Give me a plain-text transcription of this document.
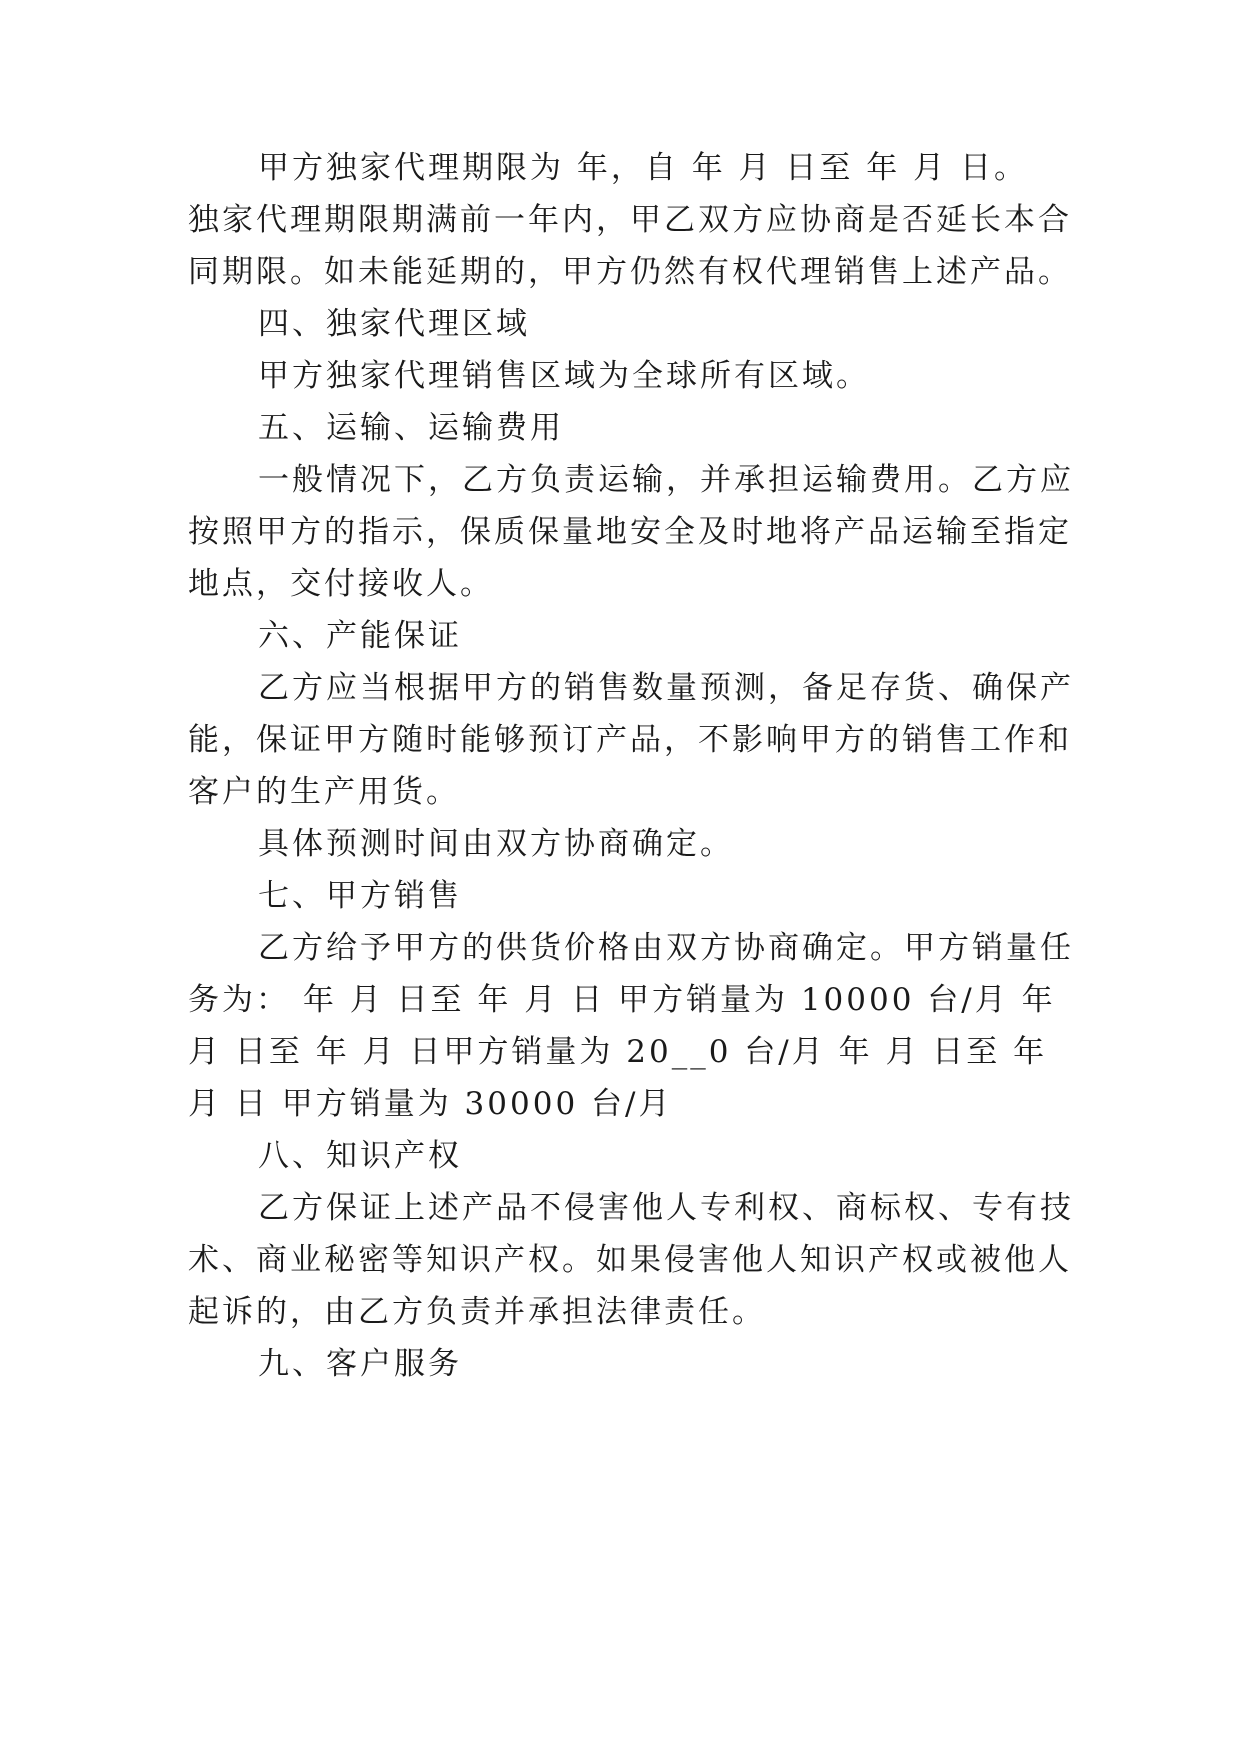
甲方独家代理期限为 年，自 年 月 日至 年 月 日。
独家代理期限期满前一年内，甲乙双方应协商是否延长本合
同期限。如未能延期的，甲方仍然有权代理销售上述产品。
四、独家代理区域
甲方独家代理销售区域为全球所有区域。
五、运输、运输费用
一般情况下，乙方负责运输，并承担运输费用。乙方应
按照甲方的指示，保质保量地安全及时地将产品运输至指定
地点，交付接收人。
六、产能保证
乙方应当根据甲方的销售数量预测，备足存货、确保产
能，保证甲方随时能够预订产品，不影响甲方的销售工作和
客户的生产用货。
具体预测时间由双方协商确定。
七、甲方销售
乙方给予甲方的供货价格由双方协商确定。甲方销量任
务为： 年 月 日至 年 月 日 甲方销量为 10000 台/月 年
月 日至 年 月 日甲方销量为 20__0 台/月 年 月 日至 年
月 日 甲方销量为 30000 台/月
八、知识产权
乙方保证上述产品不侵害他人专利权、商标权、专有技
术、商业秘密等知识产权。如果侵害他人知识产权或被他人
起诉的，由乙方负责并承担法律责任。
九、客户服务
